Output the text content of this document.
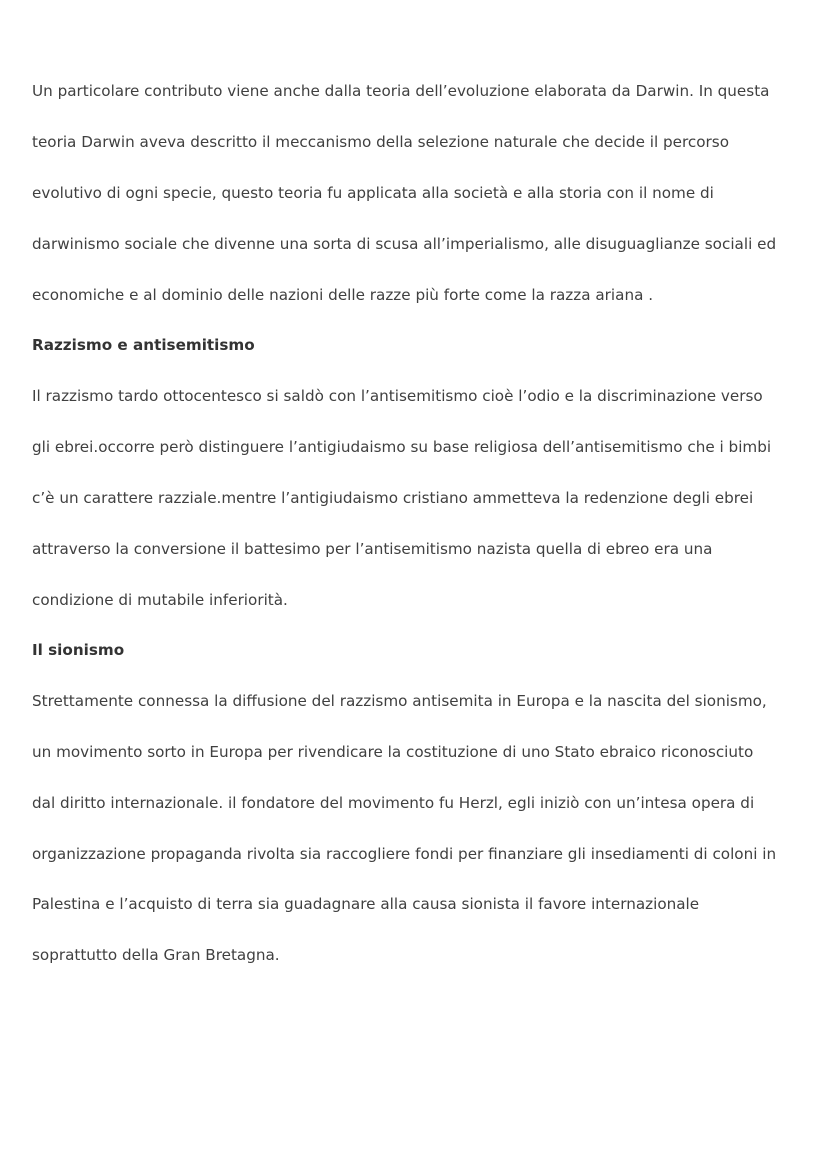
Un particolare contributo viene anche dalla teoria dell’evoluzione elaborata da Darwin. In questa

teoria Darwin aveva descritto il meccanismo della selezione naturale che decide il percorso

evolutivo di ogni specie, questo teoria fu applicata alla società e alla storia con il nome di

darwinismo sociale che divenne una sorta di scusa all’imperialismo, alle disuguaglianze sociali ed

economiche e al dominio delle nazioni delle razze più forte come la razza ariana .

Razzismo e antisemitismo

Il razzismo tardo ottocentesco si saldò con l’antisemitismo cioè l’odio e la discriminazione verso

gli ebrei.occorre però distinguere l’antigiudaismo su base religiosa dell’antisemitismo che i bimbi

c’è un carattere razziale.mentre l’antigiudaismo cristiano ammetteva la redenzione degli ebrei

attraverso la conversione il battesimo per l’antisemitismo nazista quella di ebreo era una

condizione di mutabile inferiorità.

Il sionismo

Strettamente connessa la diffusione del razzismo antisemita in Europa e la nascita del sionismo,

un movimento sorto in Europa per rivendicare la costituzione di uno Stato ebraico riconosciuto

dal diritto internazionale. il fondatore del movimento fu Herzl, egli iniziò con un’intesa opera di

organizzazione propaganda rivolta sia raccogliere fondi per finanziare gli insediamenti di coloni in

Palestina e l’acquisto di terra sia guadagnare alla causa sionista il favore internazionale

soprattutto della Gran Bretagna.
